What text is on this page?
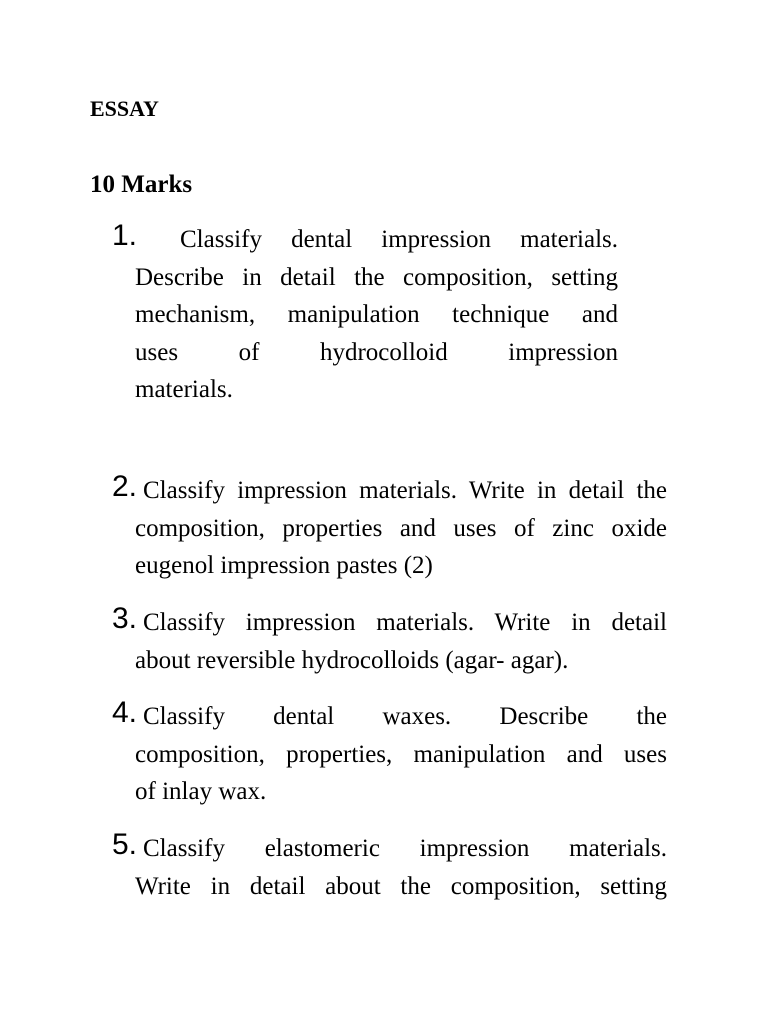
ESSAY
10 Marks
1.	Classify dental impression materials.
Describe in detail the composition, setting
mechanism, manipulation technique and
uses of hydrocolloid impression
materials.
2. Classify impression materials. Write in detail the
composition, properties and uses of zinc oxide
eugenol impression pastes (2)
3. Classify impression materials. Write in detail
about reversible hydrocolloids (agar- agar).
4. Classify dental waxes. Describe the
composition, properties, manipulation and uses
of inlay wax.
5. Classify elastomeric impression materials.
Write in detail about the composition, setting
